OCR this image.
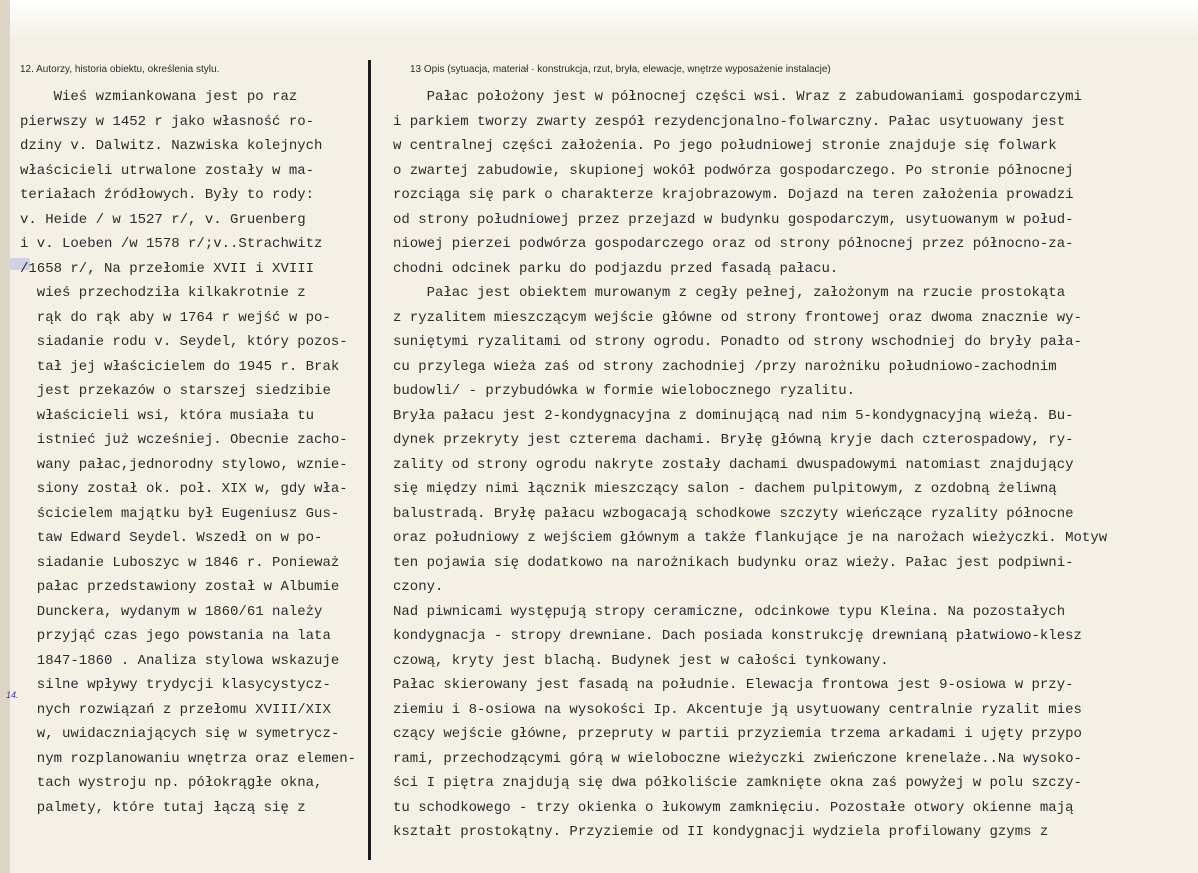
12. Autorzy, historia obiektu, określenia stylu.	13 Opis (sytuacja, materiał · konstrukcja, rzut, bryła, elewacje, wnętrze wyposażenie instalacje)
Wieś wzmiankowana jest po raz
pierwszy w 1452 r jako własność ro-
dziny v. Dalwitz. Nazwiska kolejnych
właścicieli utrwalone zostały w ma-
teriałach źródłowych. Były to rody:
v. Heide / w 1527 r/, v. Gruenberg
i v. Loeben /w 1578 r/;v..Strachwitz
/1658 r/, Na przełomie XVII i XVIII
wieś przechodziła kilkakrotnie z
rąk do rąk aby w 1764 r wejść w po-
siadanie rodu v. Seydel, który pozos-
tał jej właścicielem do 1945 r. Brak
jest przekazów o starszej siedzibie
właścicieli wsi, która musiała tu
istnieć już wcześniej. Obecnie zacho-
wany pałac,jednorodny stylowo, wznie-
siony został ok. poł. XIX w, gdy wła-
ścicielem majątku był Eugeniusz Gus-
taw Edward Seydel. Wszedł on w po-
siadanie Luboszyc w 1846 r. Ponieważ
pałac przedstawiony został w Albumie
Dunckera, wydanym w 1860/61 należy
przyjąć czas jego powstania na lata
1847-1860 . Analiza stylowa wskazuje
silne wpływy trydycji klasycystycz-
nych rozwiązań z przełomu XVIII/XIX
w, uwidaczniających się w symetrycz-
nym rozplanowaniu wnętrza oraz elemen-
tach wystroju np. półokrągłe okna,
palmety, które tutaj łączą się z
Pałac położony jest w północnej części wsi. Wraz z zabudowaniami gospodarczymi
i parkiem tworzy zwarty zespół rezydencjonalno-folwarczny. Pałac usytuowany jest
w centralnej części założenia. Po jego południowej stronie znajduje się folwark
o zwartej zabudowie, skupionej wokół podwórza gospodarczego. Po stronie północnej
rozciąga się park o charakterze krajobrazowym. Dojazd na teren założenia prowadzi
od strony południowej przez przejazd w budynku gospodarczym, usytuowanym w połud-
niowej pierzei podwórza gospodarczego oraz od strony północnej przez północno-za-
chodni odcinek parku do podjazdu przed fasadą pałacu.
Pałac jest obiektem murowanym z cegły pełnej, założonym na rzucie prostokąta
z ryzalitem mieszczącym wejście główne od strony frontowej oraz dwoma znacznie wy-
suniętymi ryzalitami od strony ogrodu. Ponadto od strony wschodniej do bryły pała-
cu przylega wieża zaś od strony zachodniej /przy narożniku południowo-zachodnim
budowli/ - przybudówka w formie wielobocznego ryzalitu.
Bryła pałacu jest 2-kondygnacyjna z dominującą nad nim 5-kondygnacyjną wieżą. Bu-
dynek przekryty jest czterema dachami. Bryłę główną kryje dach czterospadowy, ry-
zality od strony ogrodu nakryte zostały dachami dwuspadowymi natomiast znajdujący
się między nimi łącznik mieszczący salon - dachem pulpitowym, z ozdobną żeliwną
balustradą. Bryłę pałacu wzbogacają schodkowe szczyty wieńczące ryzality północne
oraz południowy z wejściem głównym a także flankujące je na narożach wieżyczki. Motyw
ten pojawia się dodatkowo na narożnikach budynku oraz wieży. Pałac jest podpiwni-
czony.
Nad piwnicami występują stropy ceramiczne, odcinkowe typu Kleina. Na pozostałych
kondygnacja - stropy drewniane. Dach posiada konstrukcję drewnianą płatwiowo-klesz
czową, kryty jest blachą. Budynek jest w całości tynkowany.
Pałac skierowany jest fasadą na południe. Elewacja frontowa jest 9-osiowa w przy-
ziemiu i 8-osiowa na wysokości Ip. Akcentuje ją usytuowany centralnie ryzalit mies
czący wejście główne, przepruty w partii przyziemia trzema arkadami i ujęty przypo
rami, przechodzącymi górą w wieloboczne wieżyczki zwieńczone krenelaże..Na wysoko-
ści I piętra znajdują się dwa półkoliście zamknięte okna zaś powyżej w polu szczy-
tu schodkowego - trzy okienka o łukowym zamknięciu. Pozostałe otwory okienne mają
kształt prostokątny. Przyziemie od II kondygnacji wydziela profilowany gzyms z
14.
